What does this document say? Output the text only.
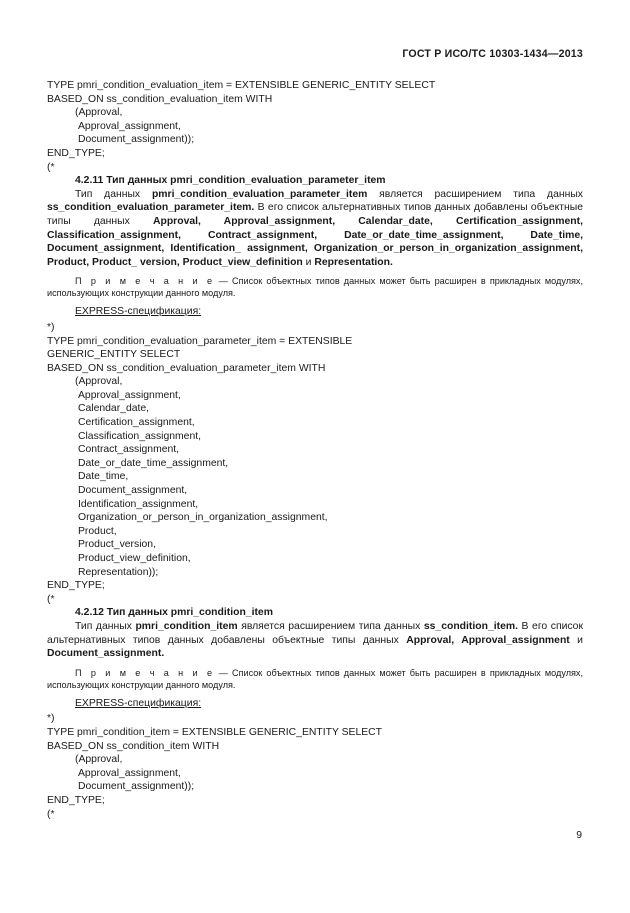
ГОСТ Р ИСО/ТС 10303-1434—2013
TYPE pmri_condition_evaluation_item = EXTENSIBLE GENERIC_ENTITY SELECT
BASED_ON ss_condition_evaluation_item WITH
(Approval,
Approval_assignment,
Document_assignment));
END_TYPE;
(*
4.2.11 Тип данных pmri_condition_evaluation_parameter_item
Тип данных pmri_condition_evaluation_parameter_item является расширением типа данных ss_condition_evaluation_parameter_item. В его список альтернативных типов данных добавлены объектные типы данных Approval, Approval_assignment, Calendar_date, Certification_assignment, Classification_assignment, Contract_assignment, Date_or_date_time_assignment, Date_time, Document_assignment, Identification_ assignment, Organization_or_person_in_organization_assignment, Product, Product_ version, Product_view_definition и Representation.
П р и м е ч а н и е — Список объектных типов данных может быть расширен в прикладных модулях, использующих конструкции данного модуля.
EXPRESS-спецификация:
*)
TYPE pmri_condition_evaluation_parameter_item = EXTENSIBLE
GENERIC_ENTITY SELECT
BASED_ON ss_condition_evaluation_parameter_item WITH
(Approval,
Approval_assignment,
Calendar_date,
Certification_assignment,
Classification_assignment,
Contract_assignment,
Date_or_date_time_assignment,
Date_time,
Document_assignment,
Identification_assignment,
Organization_or_person_in_organization_assignment,
Product,
Product_version,
Product_view_definition,
Representation));
END_TYPE;
(*
4.2.12 Тип данных pmri_condition_item
Тип данных pmri_condition_item является расширением типа данных ss_condition_item. В его список альтернативных типов данных добавлены объектные типы данных Approval, Approval_assignment и Document_assignment.
П р и м е ч а н и е — Список объектных типов данных может быть расширен в прикладных модулях, использующих конструкции данного модуля.
EXPRESS-спецификация:
*)
TYPE pmri_condition_item = EXTENSIBLE GENERIC_ENTITY SELECT
BASED_ON ss_condition_item WITH
(Approval,
Approval_assignment,
Document_assignment));
END_TYPE;
(*
9
